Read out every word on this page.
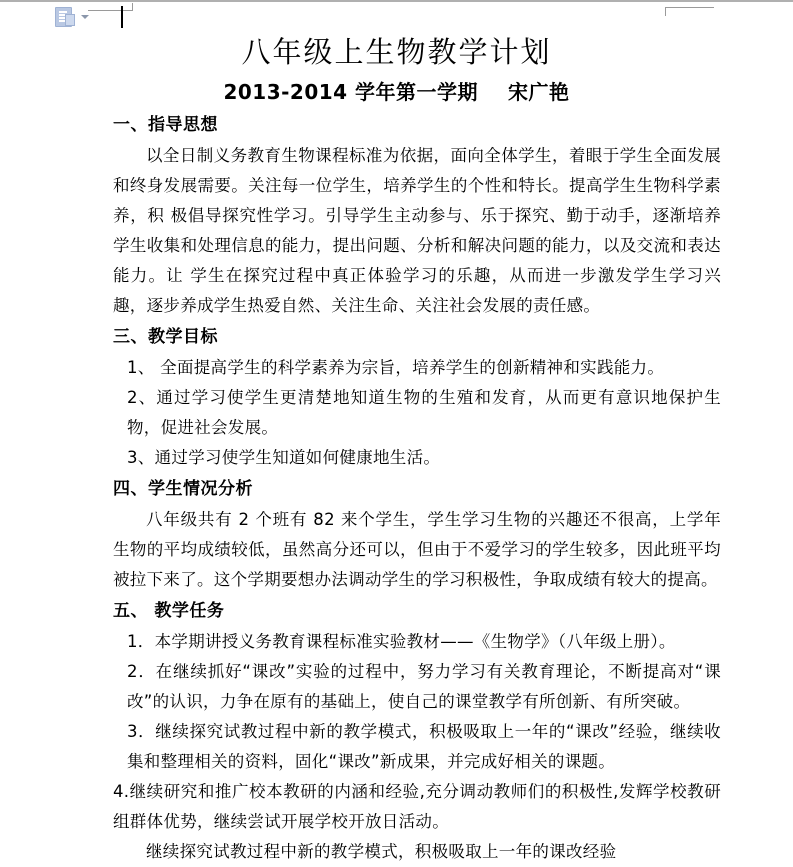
八年级上生物教学计划
2013-2014 学年第一学期 宋广艳
一、指导思想

以全日制义务教育生物课程标准为依据，面向全体学生，着眼于学生全面发展和终身发展需要。关注每一位学生，培养学生的个性和特长。提高学生生物科学素养，积 极倡导探究性学习。引导学生主动参与、乐于探究、勤于动手，逐渐培养学生收集和处理信息的能力，提出问题、分析和解决问题的能力，以及交流和表达能力。让 学生在探究过程中真正体验学习的乐趣，从而进一步激发学生学习兴趣，逐步养成学生热爱自然、关注生命、关注社会发展的责任感。

三、教学目标

1、 全面提高学生的科学素养为宗旨，培养学生的创新精神和实践能力。

2、通过学习使学生更清楚地知道生物的生殖和发育，从而更有意识地保护生 物，促进社会发展。

3、通过学习使学生知道如何健康地生活。

四、学生情况分析

八年级共有 2 个班有 82 来个学生，学生学习生物的兴趣还不很高，上学年生物的平均成绩较低，虽然高分还可以，但由于不爱学习的学生较多，因此班平均被拉下来了。这个学期要想办法调动学生的学习积极性，争取成绩有较大的提高。

五、 教学任务

1．本学期讲授义务教育课程标准实验教材——《生物学》（八年级上册）。

2．在继续抓好“课改”实验的过程中，努力学习有关教育理论，不断提高对“课改”的认识，力争在原有的基础上，使自己的课堂教学有所创新、有所突破。

3．继续探究试教过程中新的教学模式，积极吸取上一年的“课改”经验，继续收集和整理相关的资料，固化“课改”新成果，并完成好相关的课题。

4.继续研究和推广校本教研的内涵和经验,充分调动教师们的积极性,发辉学校教研组群体优势，继续尝试开展学校开放日活动。

继续探究试教过程中新的教学模式，积极吸取上一年的课改经验
